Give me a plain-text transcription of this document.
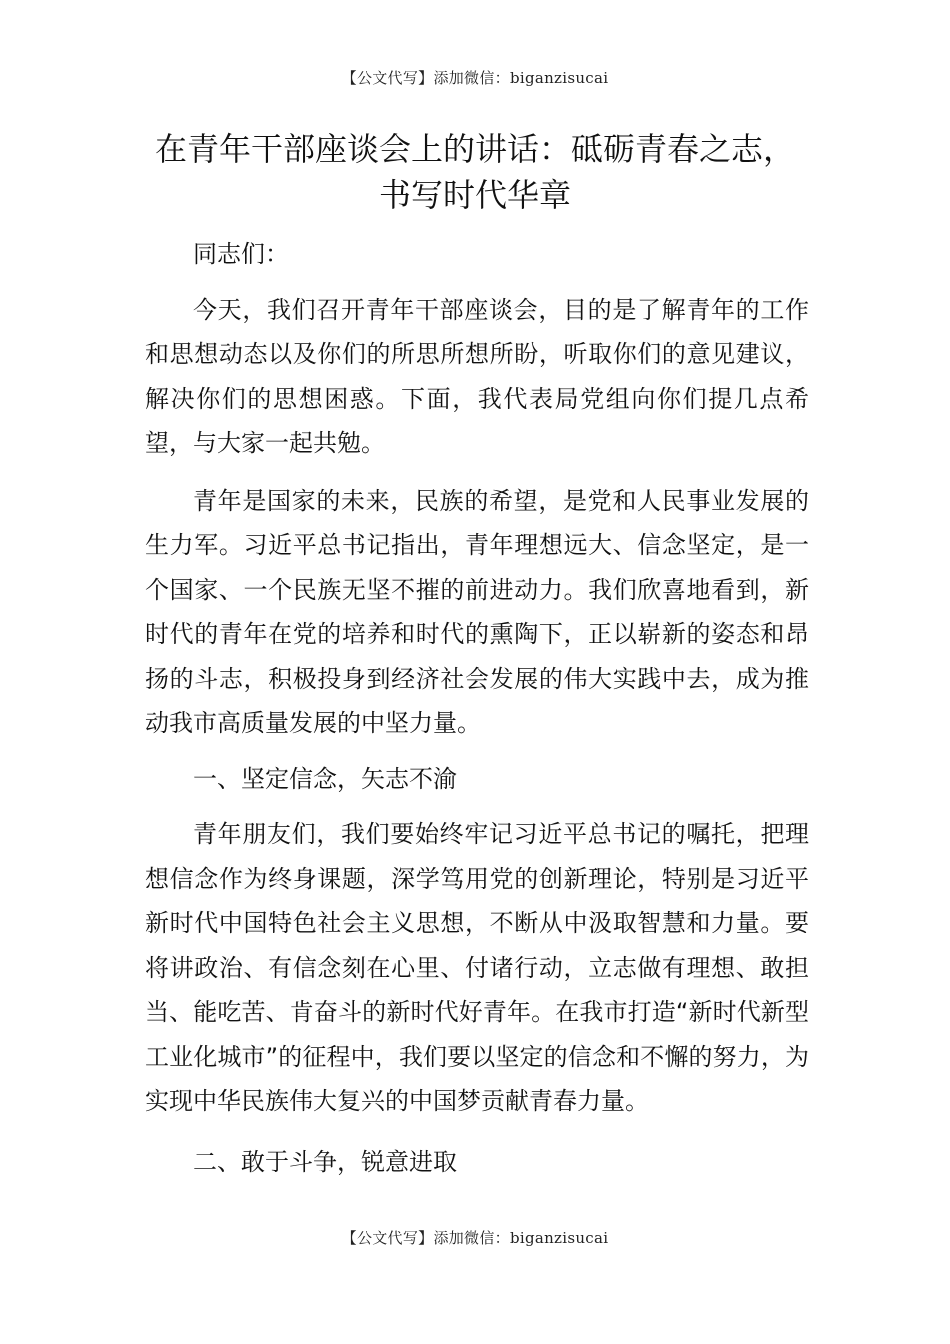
【公文代写】添加微信：biganzisucai
在青年干部座谈会上的讲话：砥砺青春之志，
书写时代华章

同志们：

今天，我们召开青年干部座谈会，目的是了解青年的工作和思想动态以及你们的所思所想所盼，听取你们的意见建议，解决你们的思想困惑。下面，我代表局党组向你们提几点希望，与大家一起共勉。

青年是国家的未来，民族的希望，是党和人民事业发展的生力军。习近平总书记指出，青年理想远大、信念坚定，是一个国家、一个民族无坚不摧的前进动力。我们欣喜地看到，新时代的青年在党的培养和时代的熏陶下，正以崭新的姿态和昂扬的斗志，积极投身到经济社会发展的伟大实践中去，成为推动我市高质量发展的中坚力量。

一、坚定信念，矢志不渝

青年朋友们，我们要始终牢记习近平总书记的嘱托，把理想信念作为终身课题，深学笃用党的创新理论，特别是习近平新时代中国特色社会主义思想，不断从中汲取智慧和力量。要将讲政治、有信念刻在心里、付诸行动，立志做有理想、敢担当、能吃苦、肯奋斗的新时代好青年。在我市打造“新时代新型工业化城市”的征程中，我们要以坚定的信念和不懈的努力，为实现中华民族伟大复兴的中国梦贡献青春力量。

二、敢于斗争，锐意进取

【公文代写】添加微信：biganzisucai
